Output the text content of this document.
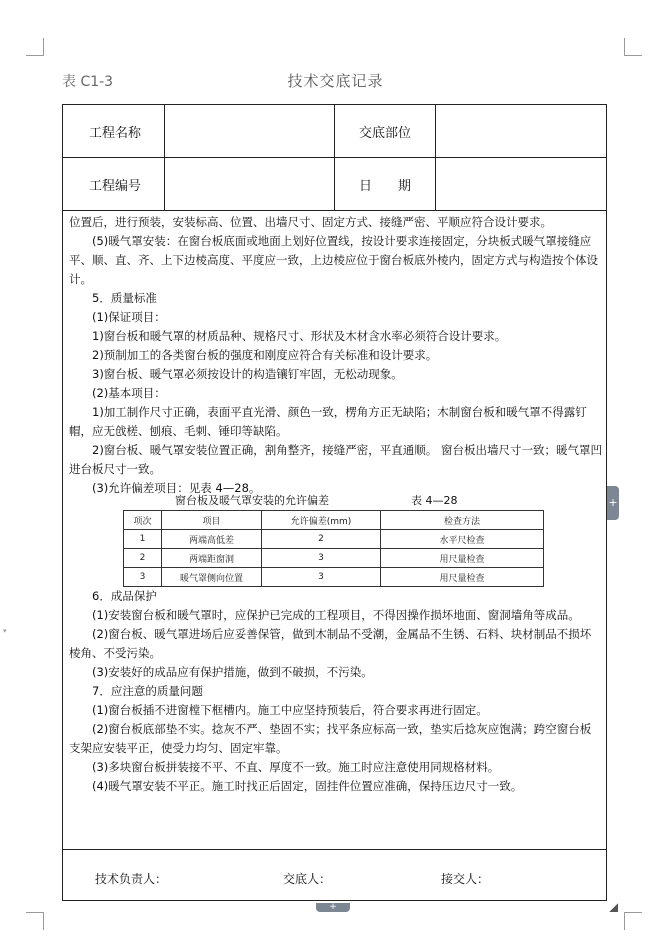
表 C1-3	技术交底记录
工程名称	交底部位
工程编号	日　　期

位置后，进行预装，安装标高、位置、出墙尺寸、固定方式、接缝严密、平顺应符合设计要求。

(5)暖气罩安装：在窗台板底面或地面上划好位置线，按设计要求连接固定，分块板式暖气罩接缝应平、顺、直、齐、上下边棱高度、平度应一致，上边棱应位于窗台板底外棱内，固定方式与构造按个体设计。

5．质量标准

(1)保证项目：

1)窗台板和暖气罩的材质品种、规格尺寸、形状及木材含水率必须符合设计要求。

2)预制加工的各类窗台板的强度和刚度应符合有关标准和设计要求。

3)窗台板、暖气罩必须按设计的构造镶钉牢固，无松动现象。

(2)基本项目：

1)加工制作尺寸正确，表面平直光滑、颜色一致，楞角方正无缺陷；木制窗台板和暖气罩不得露钉帽，应无戗槎、刨痕、毛刺、锤印等缺陷。

2)窗台板、暖气罩安装位置正确，割角整齐，接缝严密，平直通顺。 窗台板出墙尺寸一致；暖气罩凹进台板尺寸一致。

(3)允许偏差项目：见表 4—28。

窗台板及暖气罩安装的允许偏差	表 4—28
项次	项目	允许偏差(mm)	检查方法
1	两端高低差	2	水平尺检查
2	两端距窗洞	3	用尺量检查
3	暖气罩侧向位置	3	用尺量检查

6．成品保护

(1)安装窗台板和暖气罩时，应保护已完成的工程项目，不得因操作损坏地面、窗洞墙角等成品。

(2)窗台板、暖气罩进场后应妥善保管，做到木制品不受潮，金属品不生锈、石料、块材制品不损坏棱角、不受污染。

(3)安装好的成品应有保护措施，做到不破损，不污染。

7．应注意的质量问题

(1)窗台板插不进窗樘下框槽内。施工中应坚持预装后，符合要求再进行固定。

(2)窗台板底部垫不实。捻灰不严、垫固不实；找平条应标高一致，垫实后捻灰应饱满；跨空窗台板支架应安装平正，使受力均匀、固定牢靠。

(3)多块窗台板拼装接不平、不直、厚度不一致。施工时应注意使用同规格材料。

(4)暖气罩安装不平正。施工时找正后固定，固挂件位置应准确，保持压边尺寸一致。

技术负责人：	交底人：	接交人：
+
+
▾
